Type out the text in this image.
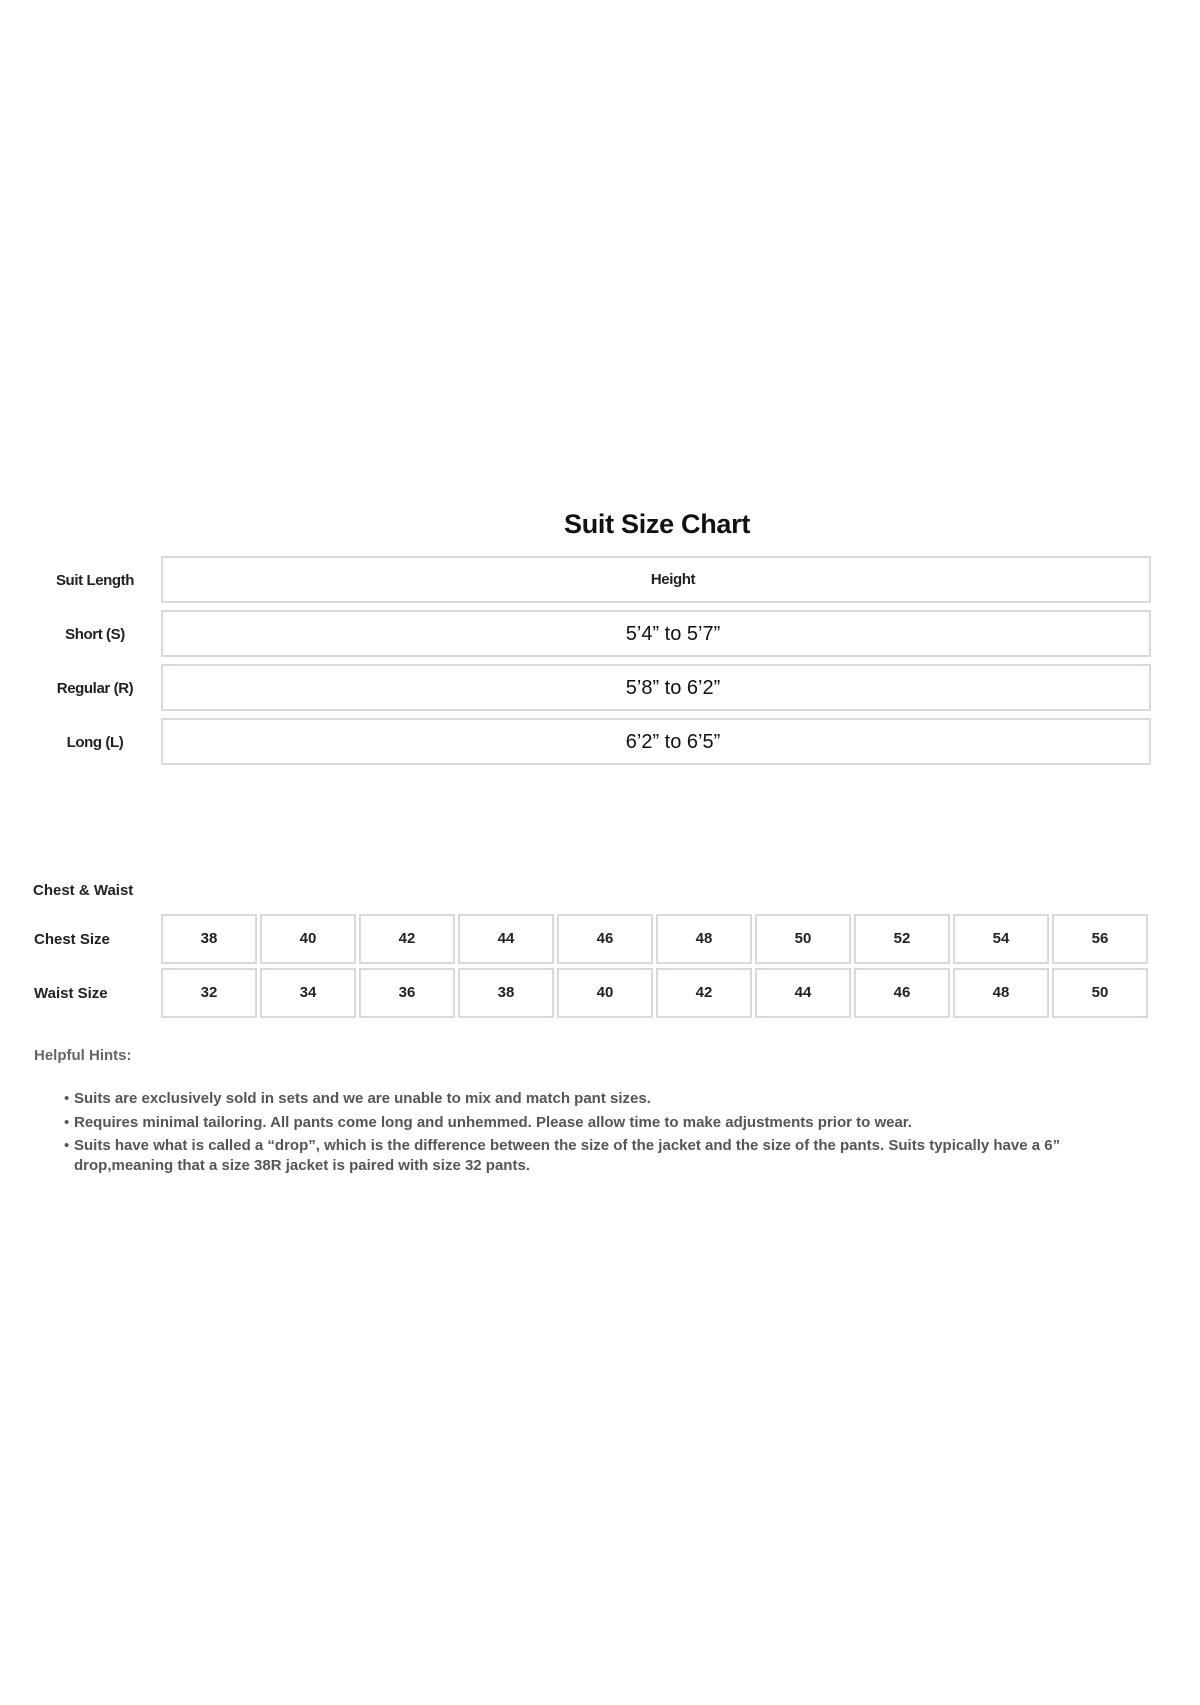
Suit Size Chart
Suit Length	Height
Short (S)	5’4” to 5’7”
Regular (R)	5’8” to 6’2”
Long (L)	6’2” to 6’5”
Chest & Waist
Chest Size	38	40	42	44	46	48	50	52	54	56
Waist Size	32	34	36	38	40	42	44	46	48	50
Helpful Hints:
• Suits are exclusively sold in sets and we are unable to mix and match pant sizes.
• Requires minimal tailoring. All pants come long and unhemmed. Please allow time to make adjustments prior to wear.
• Suits have what is called a “drop”, which is the difference between the size of the jacket and the size of the pants. Suits typically have a 6” drop,meaning that a size 38R jacket is paired with size 32 pants.
